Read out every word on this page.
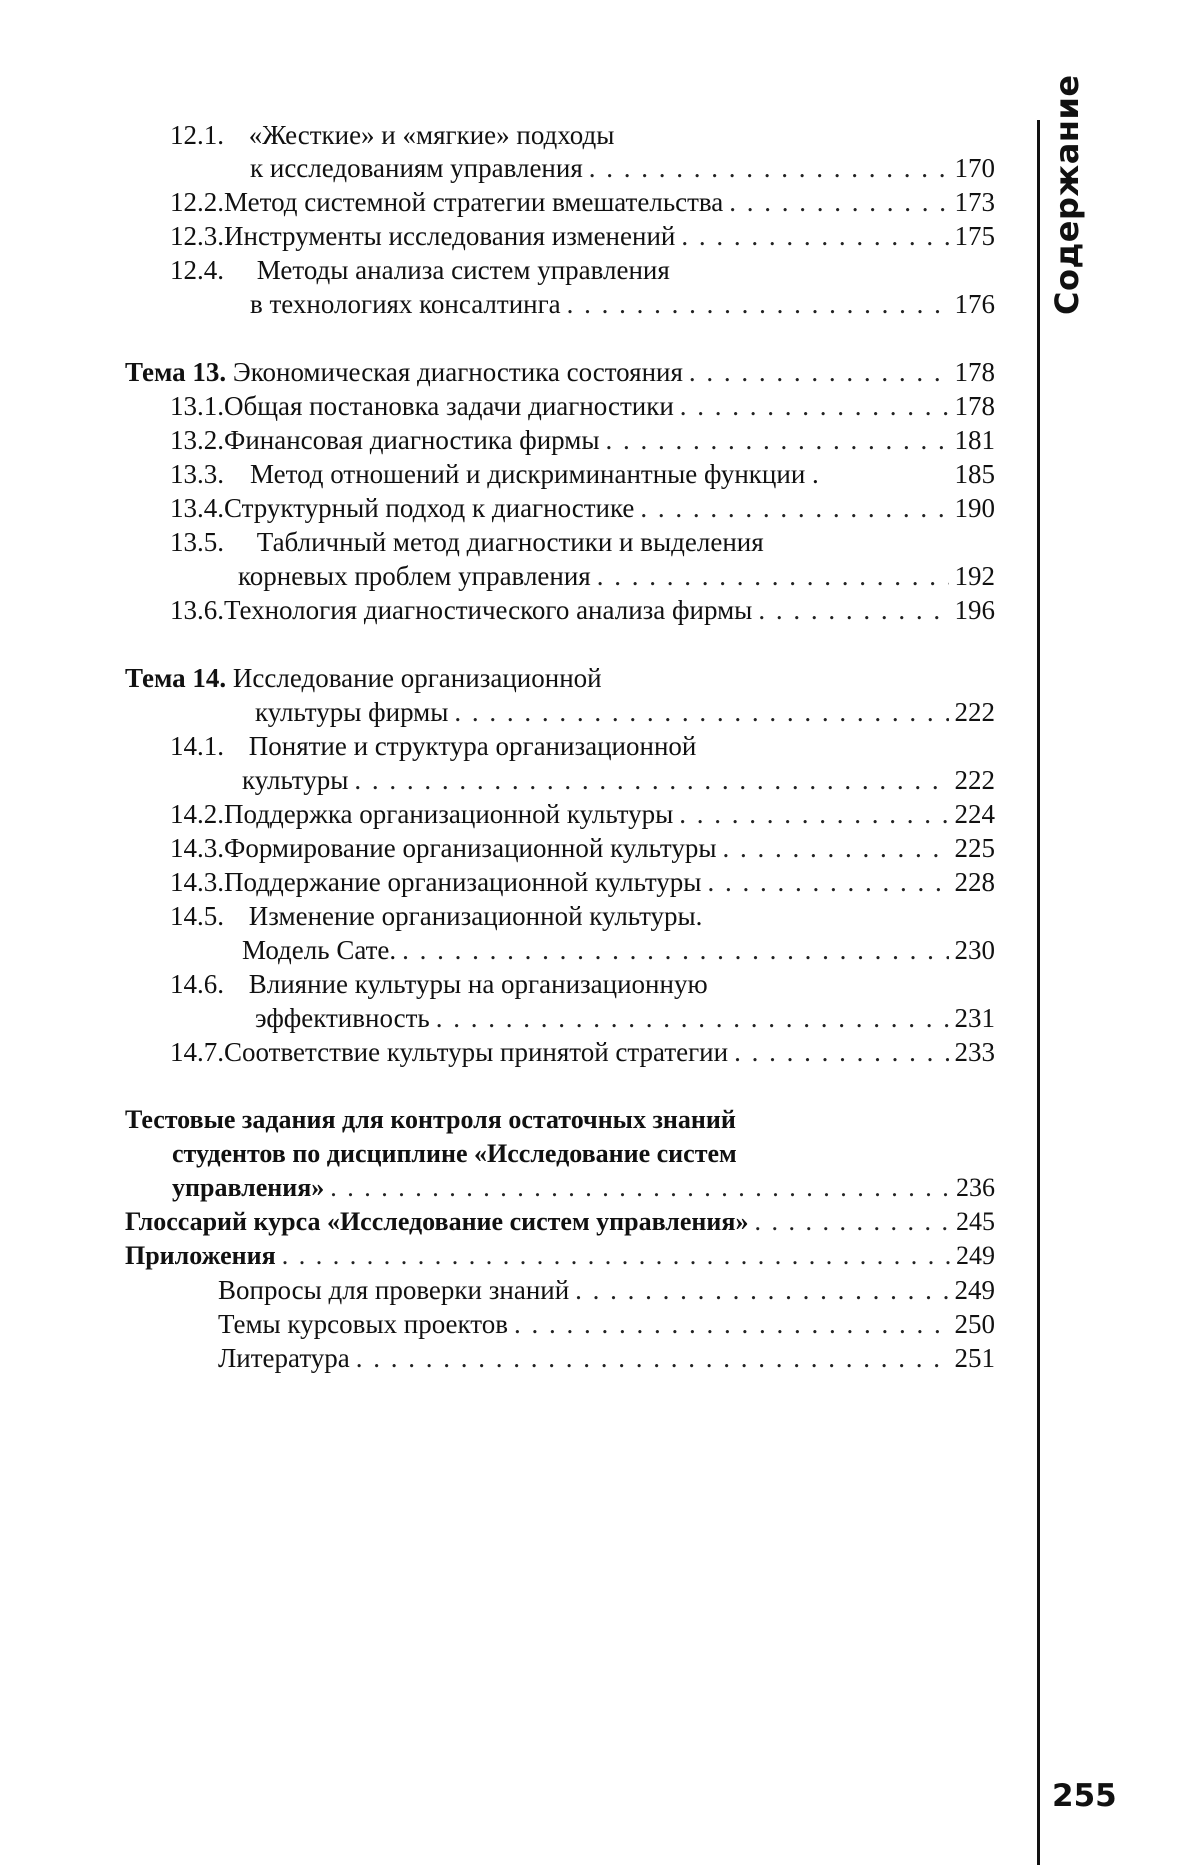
12.1. «Жесткие» и «мягкие» подходы
к исследованиям управления . . .	170
12.2. Метод системной стратегии вмешательства . . .	173
12.3. Инструменты исследования изменений . . .	175
12.4. Методы анализа систем управления
в технологиях консалтинга . . .	176
Тема 13. Экономическая диагностика состояния . . .	178
13.1. Общая постановка задачи диагностики . . .	178
13.2. Финансовая диагностика фирмы . . .	181
13.3. Метод отношений и дискриминантные функции .	185
13.4. Структурный подход к диагностике . . .	190
13.5. Табличный метод диагностики и выделения
корневых проблем управления . . .	192
13.6. Технология диагностического анализа фирмы . . .	196
Тема 14. Исследование организационной
культуры фирмы . . .	222
14.1. Понятие и структура организационной
культуры . . .	222
14.2. Поддержка организационной культуры . . .	224
14.3. Формирование организационной культуры . . .	225
14.3. Поддержание организационной культуры . . .	228
14.5. Изменение организационной культуры.
Модель Сате. . . .	230
14.6. Влияние культуры на организационную
эффективность . . .	231
14.7. Соответствие культуры принятой стратегии . . .	233
Тестовые задания для контроля остаточных знаний
студентов по дисциплине «Исследование систем
управления» . . .	236
Глоссарий курса «Исследование систем управления» . . .	245
Приложения . . .	249
Вопросы для проверки знаний . . .	249
Темы курсовых проектов . . .	250
Литература . . .	251
Содержание
255
